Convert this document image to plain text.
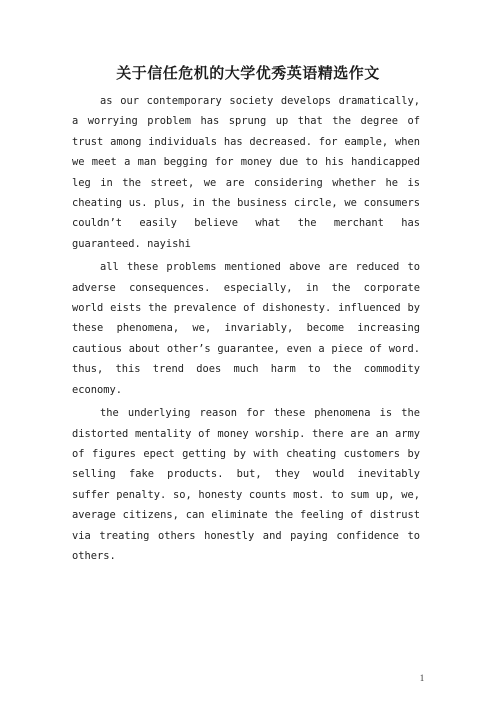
关于信任危机的大学优秀英语精选作文

as our contemporary society develops dramatically, a worrying problem has sprung up that the degree of trust among individuals has decreased. for eample, when we meet a man begging for money due to his handicapped leg in the street, we are considering whether he is cheating us. plus, in the business circle, we consumers couldn’t easily believe what the merchant has guaranteed. nayishi

all these problems mentioned above are reduced to adverse consequences. especially, in the corporate world eists the prevalence of dishonesty. influenced by these phenomena, we, invariably, become increasing cautious about other’s guarantee, even a piece of word. thus, this trend does much harm to the commodity economy.

the underlying reason for these phenomena is the distorted mentality of money worship. there are an army of figures epect getting by with cheating customers by selling fake products. but, they would inevitably suffer penalty. so, honesty counts most. to sum up, we, average citizens, can eliminate the feeling of distrust via treating others honestly and paying confidence to others.

1
